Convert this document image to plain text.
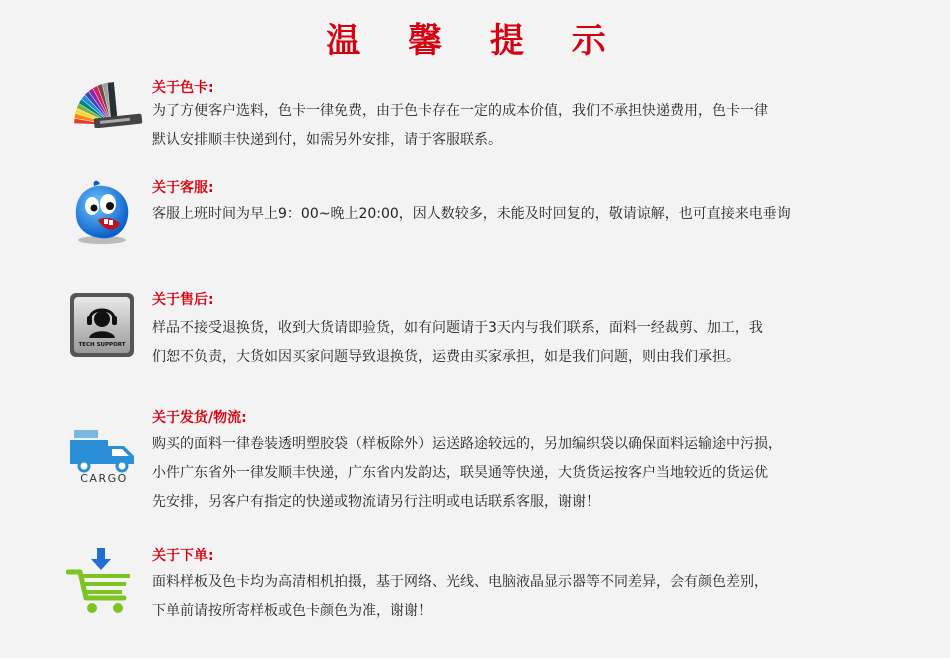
温 馨 提 示
关于色卡:
为了方便客户选料，色卡一律免费，由于色卡存在一定的成本价值，我们不承担快递费用，色卡一律
默认安排顺丰快递到付，如需另外安排，请于客服联系。
关于客服:
客服上班时间为早上9：00~晚上20:00，因人数较多，未能及时回复的，敬请谅解，也可直接来电垂询
TECH SUPPORT
关于售后:
样品不接受退换货，收到大货请即验货，如有问题请于3天内与我们联系，面料一经裁剪、加工，我
们恕不负责，大货如因买家问题导致退换货，运费由买家承担，如是我们问题，则由我们承担。
CARGO
关于发货/物流:
购买的面料一律卷装透明塑胶袋（样板除外）运送路途较远的，另加编织袋以确保面料运输途中污损，
小件广东省外一律发顺丰快递，广东省内发韵达，联昊通等快递，大货货运按客户当地较近的货运优
先安排，另客户有指定的快递或物流请另行注明或电话联系客服，谢谢！
关于下单:
面料样板及色卡均为高清相机拍摄，基于网络、光线、电脑液晶显示器等不同差异，会有颜色差别，
下单前请按所寄样板或色卡颜色为准，谢谢！
